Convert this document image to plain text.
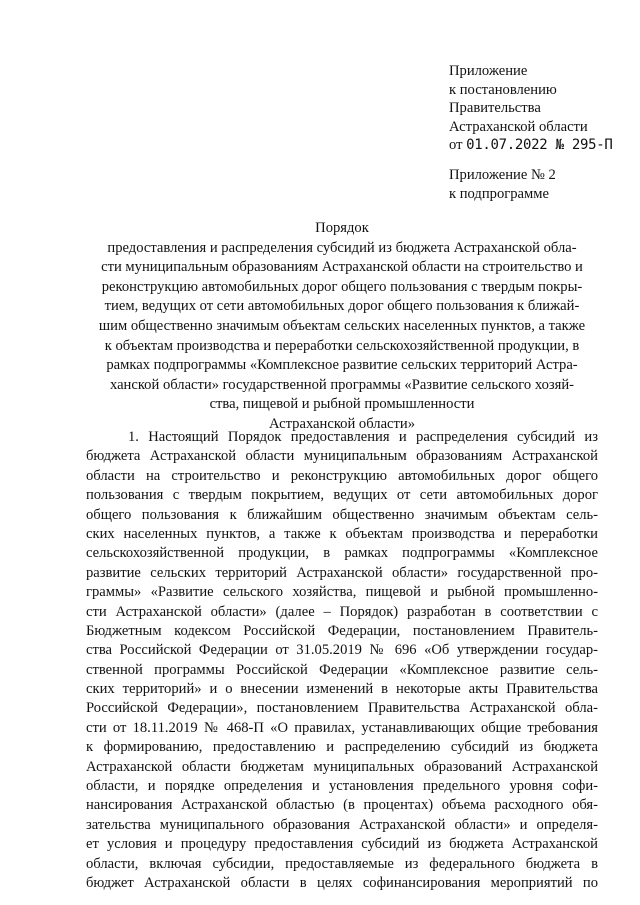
Приложение
к постановлению
Правительства
Астраханской области
от 01.07.2022 № 295-П
Приложение № 2
к подпрограмме
Порядок
предоставления и распределения субсидий из бюджета Астраханской обла-
сти муниципальным образованиям Астраханской области на строительство и
реконструкцию автомобильных дорог общего пользования с твердым покры-
тием, ведущих от сети автомобильных дорог общего пользования к ближай-
шим общественно значимым объектам сельских населенных пунктов, а также
к объектам производства и переработки сельскохозяйственной продукции, в
рамках подпрограммы «Комплексное развитие сельских территорий Астра-
ханской области» государственной программы «Развитие сельского хозяй-
ства, пищевой и рыбной промышленности
Астраханской области»
1. Настоящий Порядок предоставления и распределения субсидий из
бюджета Астраханской области муниципальным образованиям Астраханской
области на строительство и реконструкцию автомобильных дорог общего
пользования с твердым покрытием, ведущих от сети автомобильных дорог
общего пользования к ближайшим общественно значимым объектам сель-
ских населенных пунктов, а также к объектам производства и переработки
сельскохозяйственной продукции, в рамках подпрограммы «Комплексное
развитие сельских территорий Астраханской области» государственной про-
граммы» «Развитие сельского хозяйства, пищевой и рыбной промышленно-
сти Астраханской области» (далее – Порядок) разработан в соответствии с
Бюджетным кодексом Российской Федерации, постановлением Правитель-
ства Российской Федерации от 31.05.2019 № 696 «Об утверждении государ-
ственной программы Российской Федерации «Комплексное развитие сель-
ских территорий» и о внесении изменений в некоторые акты Правительства
Российской Федерации», постановлением Правительства Астраханской обла-
сти от 18.11.2019 № 468-П «О правилах, устанавливающих общие требования
к формированию, предоставлению и распределению субсидий из бюджета
Астраханской области бюджетам муниципальных образований Астраханской
области, и порядке определения и установления предельного уровня софи-
нансирования Астраханской областью (в процентах) объема расходного обя-
зательства муниципального образования Астраханской области» и определя-
ет условия и процедуру предоставления субсидий из бюджета Астраханской
области, включая субсидии, предоставляемые из федерального бюджета в
бюджет Астраханской области в целях софинансирования мероприятий по
